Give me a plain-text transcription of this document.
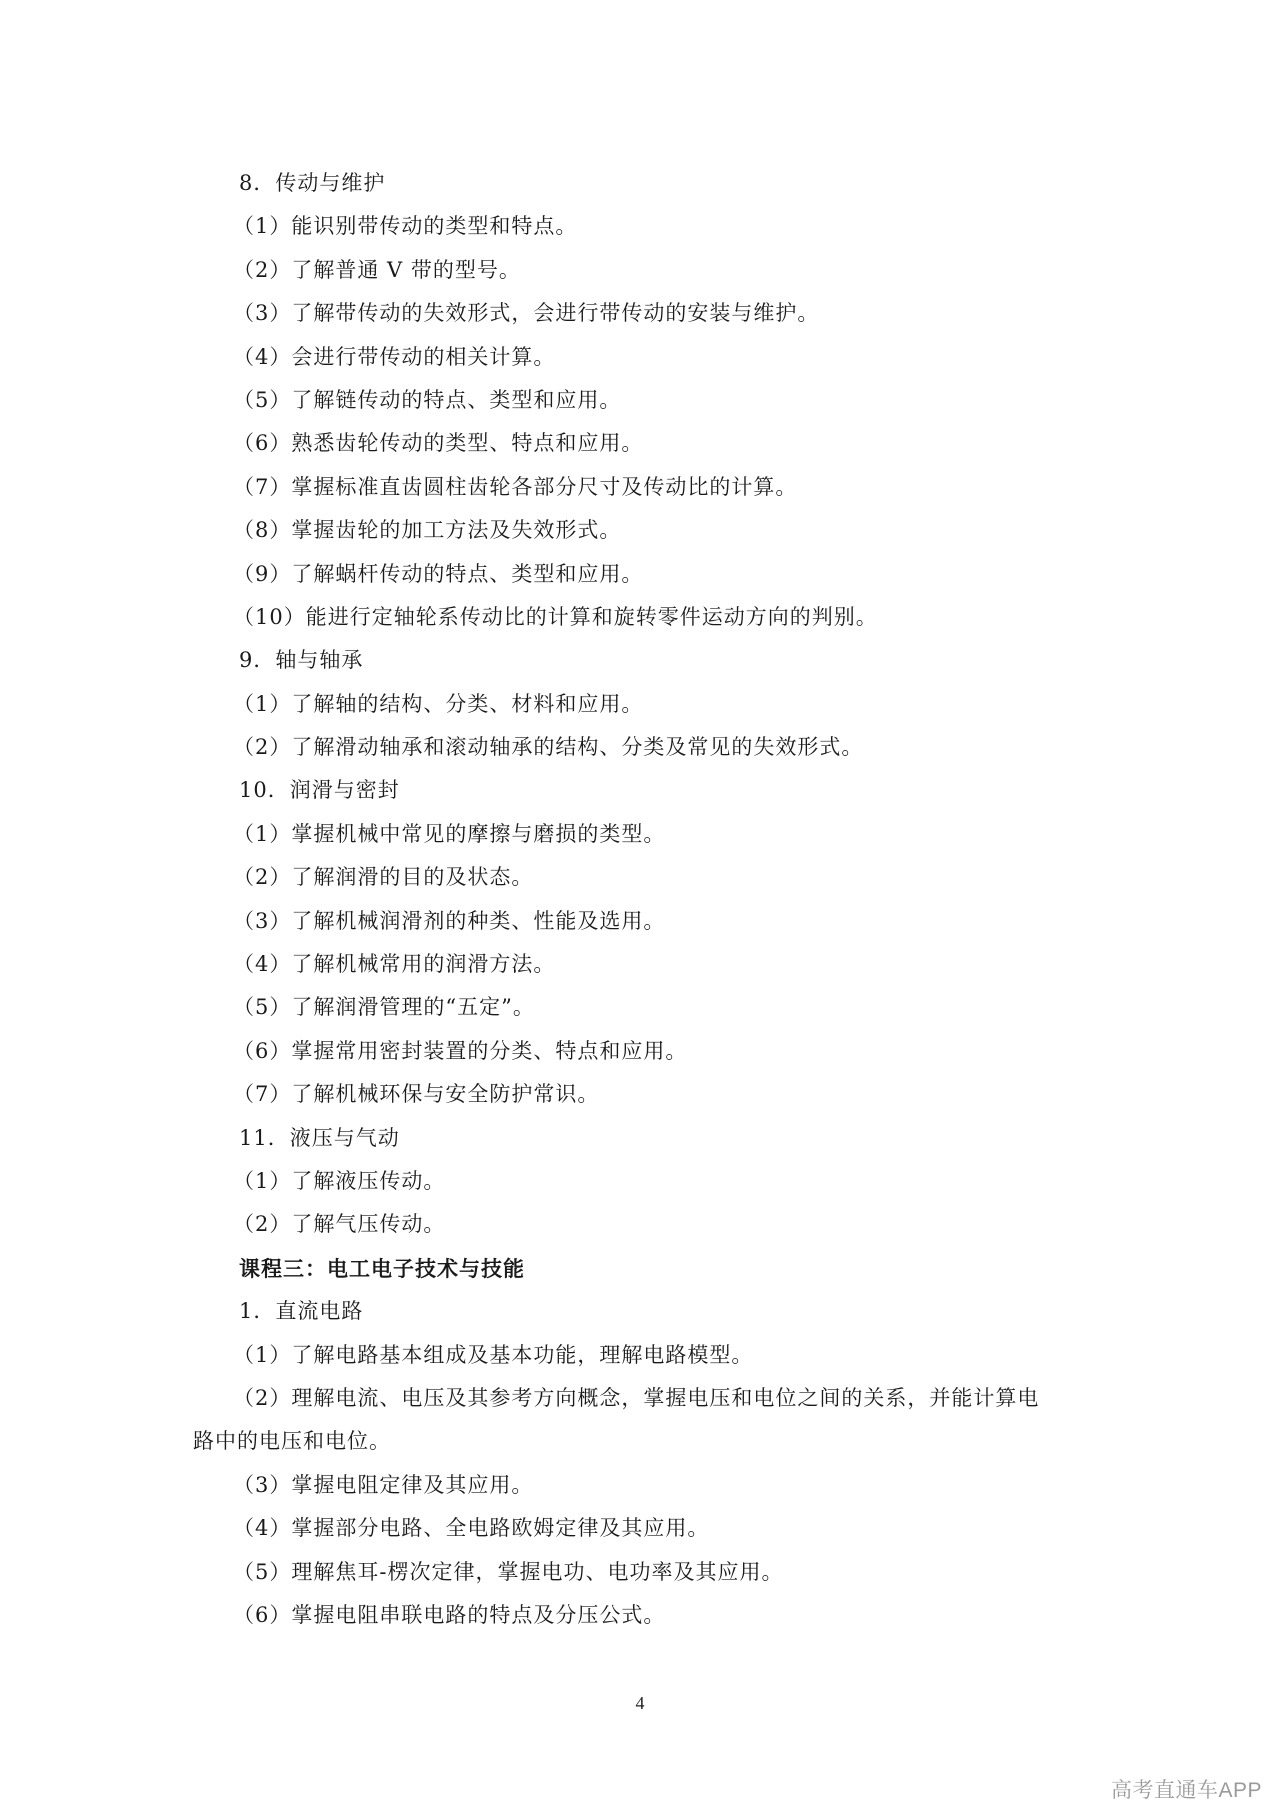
8．传动与维护
（1）能识别带传动的类型和特点。
（2）了解普通 V 带的型号。
（3）了解带传动的失效形式，会进行带传动的安装与维护。
（4）会进行带传动的相关计算。
（5）了解链传动的特点、类型和应用。
（6）熟悉齿轮传动的类型、特点和应用。
（7）掌握标准直齿圆柱齿轮各部分尺寸及传动比的计算。
（8）掌握齿轮的加工方法及失效形式。
（9）了解蜗杆传动的特点、类型和应用。
（10）能进行定轴轮系传动比的计算和旋转零件运动方向的判别。
9．轴与轴承
（1）了解轴的结构、分类、材料和应用。
（2）了解滑动轴承和滚动轴承的结构、分类及常见的失效形式。
10．润滑与密封
（1）掌握机械中常见的摩擦与磨损的类型。
（2）了解润滑的目的及状态。
（3）了解机械润滑剂的种类、性能及选用。
（4）了解机械常用的润滑方法。
（5）了解润滑管理的“五定”。
（6）掌握常用密封装置的分类、特点和应用。
（7）了解机械环保与安全防护常识。
11．液压与气动
（1）了解液压传动。
（2）了解气压传动。
课程三：电工电子技术与技能
1．直流电路
（1）了解电路基本组成及基本功能，理解电路模型。
（2）理解电流、电压及其参考方向概念，掌握电压和电位之间的关系，并能计算电
路中的电压和电位。
（3）掌握电阻定律及其应用。
（4）掌握部分电路、全电路欧姆定律及其应用。
（5）理解焦耳-楞次定律，掌握电功、电功率及其应用。
（6）掌握电阻串联电路的特点及分压公式。
4
高考直通车APP
